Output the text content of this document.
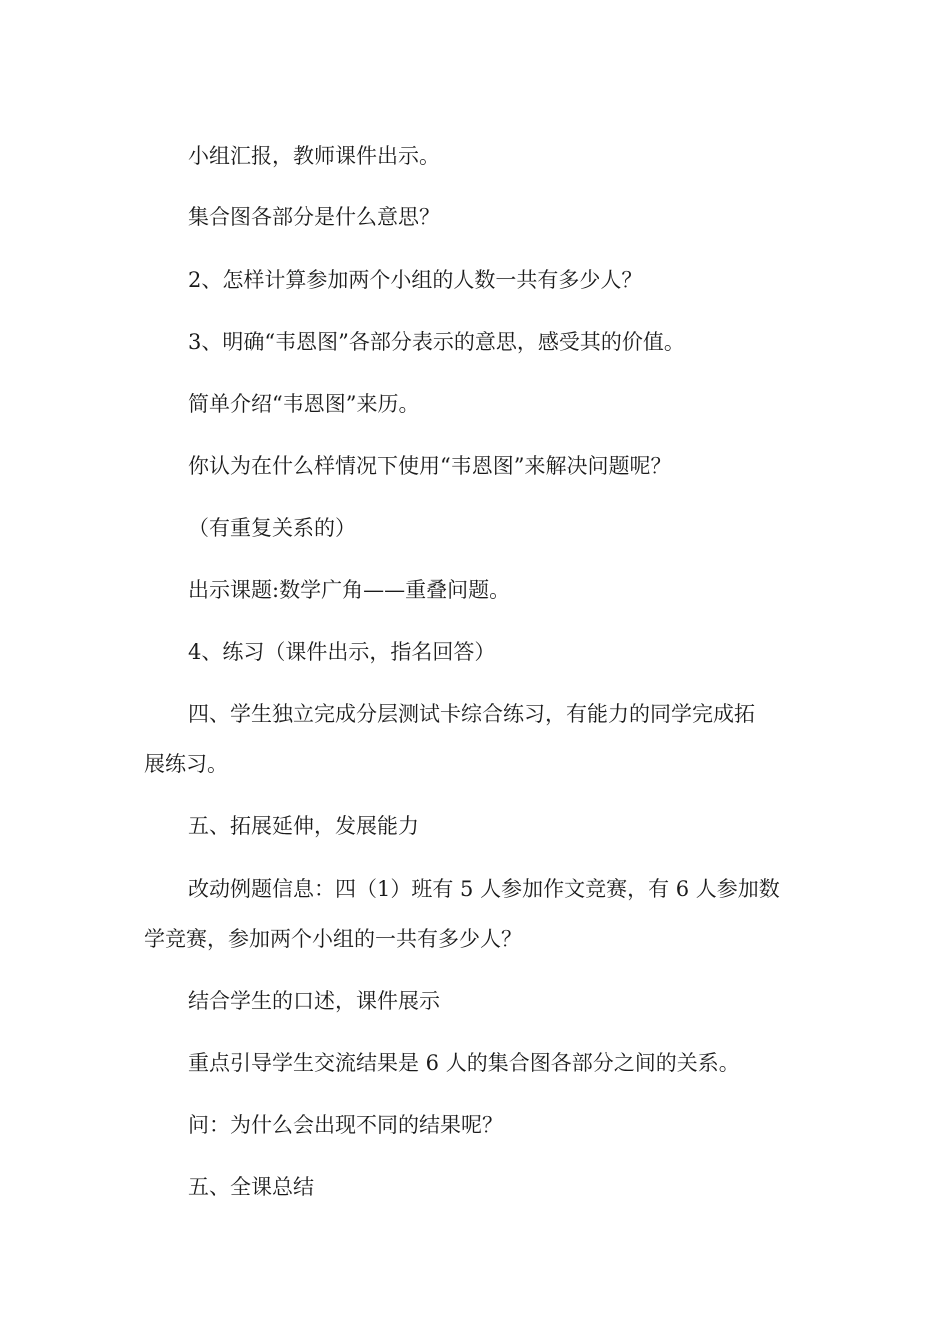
小组汇报，教师课件出示。

集合图各部分是什么意思？

2、怎样计算参加两个小组的人数一共有多少人？

3、明确“韦恩图”各部分表示的意思，感受其的价值。

简单介绍“韦恩图”来历。

你认为在什么样情况下使用“韦恩图”来解决问题呢？

（有重复关系的）

出示课题:数学广角——重叠问题。

4、练习（课件出示，指名回答）

四、学生独立完成分层测试卡综合练习，有能力的同学完成拓

展练习。

五、拓展延伸，发展能力

改动例题信息：四（1）班有 5 人参加作文竞赛，有 6 人参加数

学竞赛，参加两个小组的一共有多少人？

结合学生的口述，课件展示

重点引导学生交流结果是 6 人的集合图各部分之间的关系。

问：为什么会出现不同的结果呢？

五、全课总结
